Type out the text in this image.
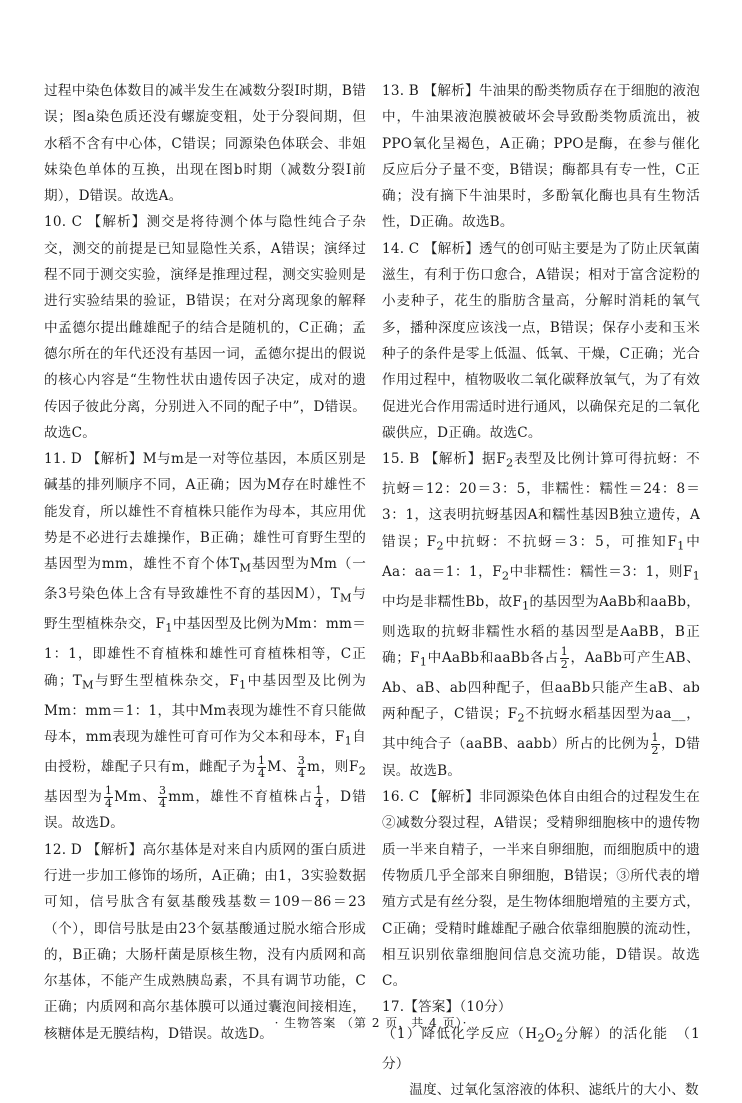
过程中染色体数目的减半发生在减数分裂Ⅰ时期，B错误；图a染色质还没有螺旋变粗，处于分裂间期，但水稻不含有中心体，C错误；同源染色体联会、非姐妹染色单体的互换，出现在图b时期（减数分裂Ⅰ前期），D错误。故选A。

10. C 【解析】测交是将待测个体与隐性纯合子杂交，测交的前提是已知显隐性关系，A错误；演绎过程不同于测交实验，演绎是推理过程，测交实验则是进行实验结果的验证，B错误；在对分离现象的解释中孟德尔提出雌雄配子的结合是随机的，C正确；孟德尔所在的年代还没有基因一词，孟德尔提出的假说的核心内容是“生物性状由遗传因子决定，成对的遗传因子彼此分离，分别进入不同的配子中”，D错误。故选C。

11. D 【解析】M与m是一对等位基因，本质区别是碱基的排列顺序不同，A正确；因为M存在时雄性不能发育，所以雄性不育植株只能作为母本，其应用优势是不必进行去雄操作，B正确；雄性可育野生型的基因型为mm，雄性不育个体$T_M$基因型为Mm（一条3号染色体上含有导致雄性不育的基因M），$T_M$与野生型植株杂交，$F_1$中基因型及比例为Mm：mm＝1：1，即雄性不育植株和雄性可育植株相等，C正确；$T_M$与野生型植株杂交，$F_1$中基因型及比例为Mm：mm＝1：1，其中Mm表现为雄性不育只能做母本，mm表现为雄性可育可作为父本和母本，$F_1$自由授粉，雄配子只有m，雌配子为 $\frac{1}{4}$ M、 $\frac{3}{4}$ m，则$F_2$基因型为 $\frac{1}{4}$ Mm、 $\frac{3}{4}$ mm，雄性不育植株占 $\frac{1}{4}$ ，D错误。故选D。

12. D 【解析】高尔基体是对来自内质网的蛋白质进行进一步加工修饰的场所，A正确；由1，3实验数据可知，信号肽含有氨基酸残基数＝109－86＝23（个），即信号肽是由23个氨基酸通过脱水缩合形成的，B正确；大肠杆菌是原核生物，没有内质网和高尔基体，不能产生成熟胰岛素，不具有调节功能，C正确；内质网和高尔基体膜可以通过囊泡间接相连，核糖体是无膜结构，D错误。故选D。

13. B 【解析】牛油果的酚类物质存在于细胞的液泡中，牛油果液泡膜被破坏会导致酚类物质流出，被PPO氧化呈褐色，A正确；PPO是酶，在参与催化反应后分子量不变，B错误；酶都具有专一性，C正确；没有摘下牛油果时，多酚氧化酶也具有生物活性，D正确。故选B。

14. C 【解析】透气的创可贴主要是为了防止厌氧菌滋生，有利于伤口愈合，A错误；相对于富含淀粉的小麦种子，花生的脂肪含量高，分解时消耗的氧气多，播种深度应该浅一点，B错误；保存小麦和玉米种子的条件是零上低温、低氧、干燥，C正确；光合作用过程中，植物吸收二氧化碳释放氧气，为了有效促进光合作用需适时进行通风，以确保充足的二氧化碳供应，D正确。故选C。

15. B 【解析】据$F_2$表型及比例计算可得抗蚜：不抗蚜＝12：20＝3：5，非糯性：糯性＝24：8＝3：1，这表明抗蚜基因A和糯性基因B独立遗传，A错误；$F_2$中抗蚜：不抗蚜＝3：5，可推知$F_1$中Aa：aa＝1：1，$F_2$中非糯性：糯性＝3：1，则$F_1$中均是非糯性Bb，故$F_1$的基因型为AaBb和aaBb，则选取的抗蚜非糯性水稻的基因型是AaBB，B正确；$F_1$中AaBb和aaBb各占 $\frac{1}{2}$ ，AaBb可产生AB、Ab、aB、ab四种配子，但aaBb只能产生aB、ab两种配子，C错误；$F_2$不抗蚜水稻基因型为aa__，其中纯合子（aaBB、aabb）所占的比例为 $\frac{1}{2}$ ，D错误。故选B。

16. C 【解析】非同源染色体自由组合的过程发生在②减数分裂过程，A错误；受精卵细胞核中的遗传物质一半来自精子，一半来自卵细胞，而细胞质中的遗传物质几乎全部来自卵细胞，B错误；③所代表的增殖方式是有丝分裂，是生物体细胞增殖的主要方式，C正确；受精时雌雄配子融合依靠细胞膜的流动性，相互识别依靠细胞间信息交流功能，D错误。故选C。

17.【答案】（10分）

（1）降低化学反应（$H_2O_2$分解）的活化能　（1分）

温度、过氧化氢溶液的体积、滤纸片的大小、数

· 生物答案 （第 2 页，共 4 页）·
